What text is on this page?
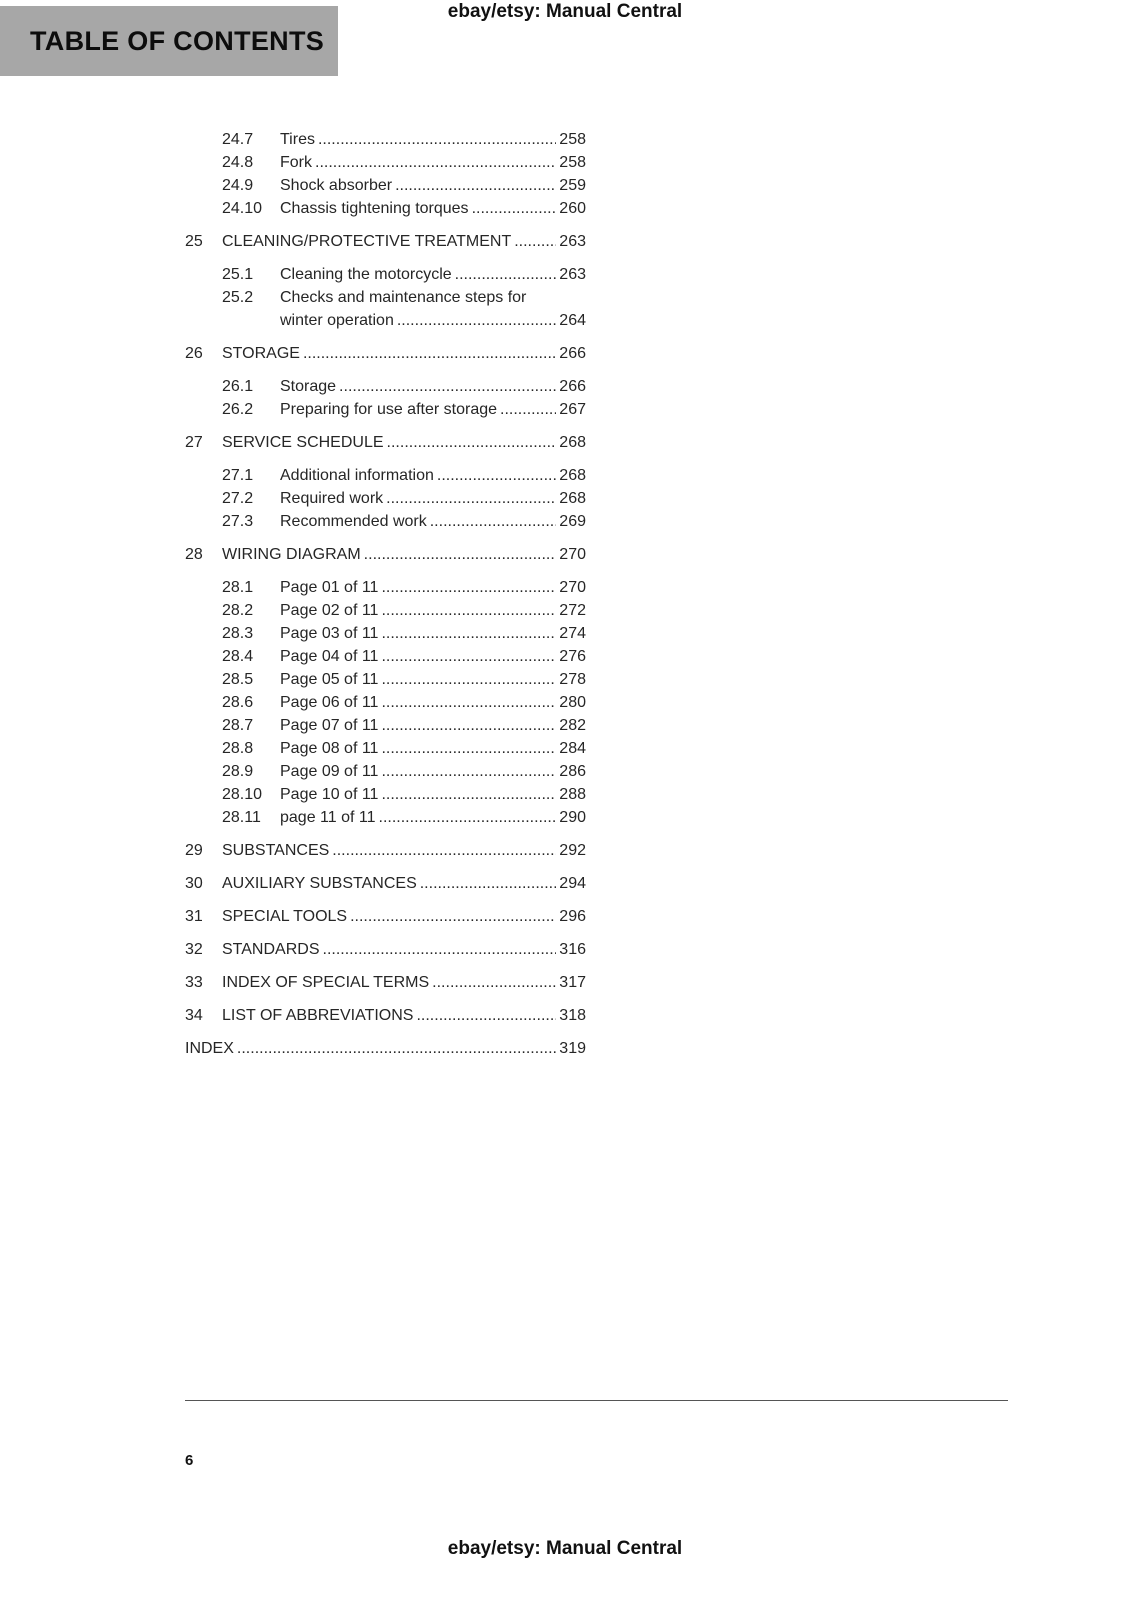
ebay/etsy: Manual Central
TABLE OF CONTENTS
24.7	Tires .....	258
24.8	Fork .....	258
24.9	Shock absorber .....	259
24.10	Chassis tightening torques .....	260
25	CLEANING/PROTECTIVE TREATMENT .....	263
25.1	Cleaning the motorcycle .....	263
25.2	Checks and maintenance steps for
winter operation .....	264
26	STORAGE .....	266
26.1	Storage .....	266
26.2	Preparing for use after storage .....	267
27	SERVICE SCHEDULE .....	268
27.1	Additional information .....	268
27.2	Required work .....	268
27.3	Recommended work .....	269
28	WIRING DIAGRAM .....	270
28.1	Page 01 of 11 .....	270
28.2	Page 02 of 11 .....	272
28.3	Page 03 of 11 .....	274
28.4	Page 04 of 11 .....	276
28.5	Page 05 of 11 .....	278
28.6	Page 06 of 11 .....	280
28.7	Page 07 of 11 .....	282
28.8	Page 08 of 11 .....	284
28.9	Page 09 of 11 .....	286
28.10	Page 10 of 11 .....	288
28.11	page 11 of 11 .....	290
29	SUBSTANCES .....	292
30	AUXILIARY SUBSTANCES .....	294
31	SPECIAL TOOLS .....	296
32	STANDARDS .....	316
33	INDEX OF SPECIAL TERMS .....	317
34	LIST OF ABBREVIATIONS .....	318
INDEX .....	319
6
ebay/etsy: Manual Central
